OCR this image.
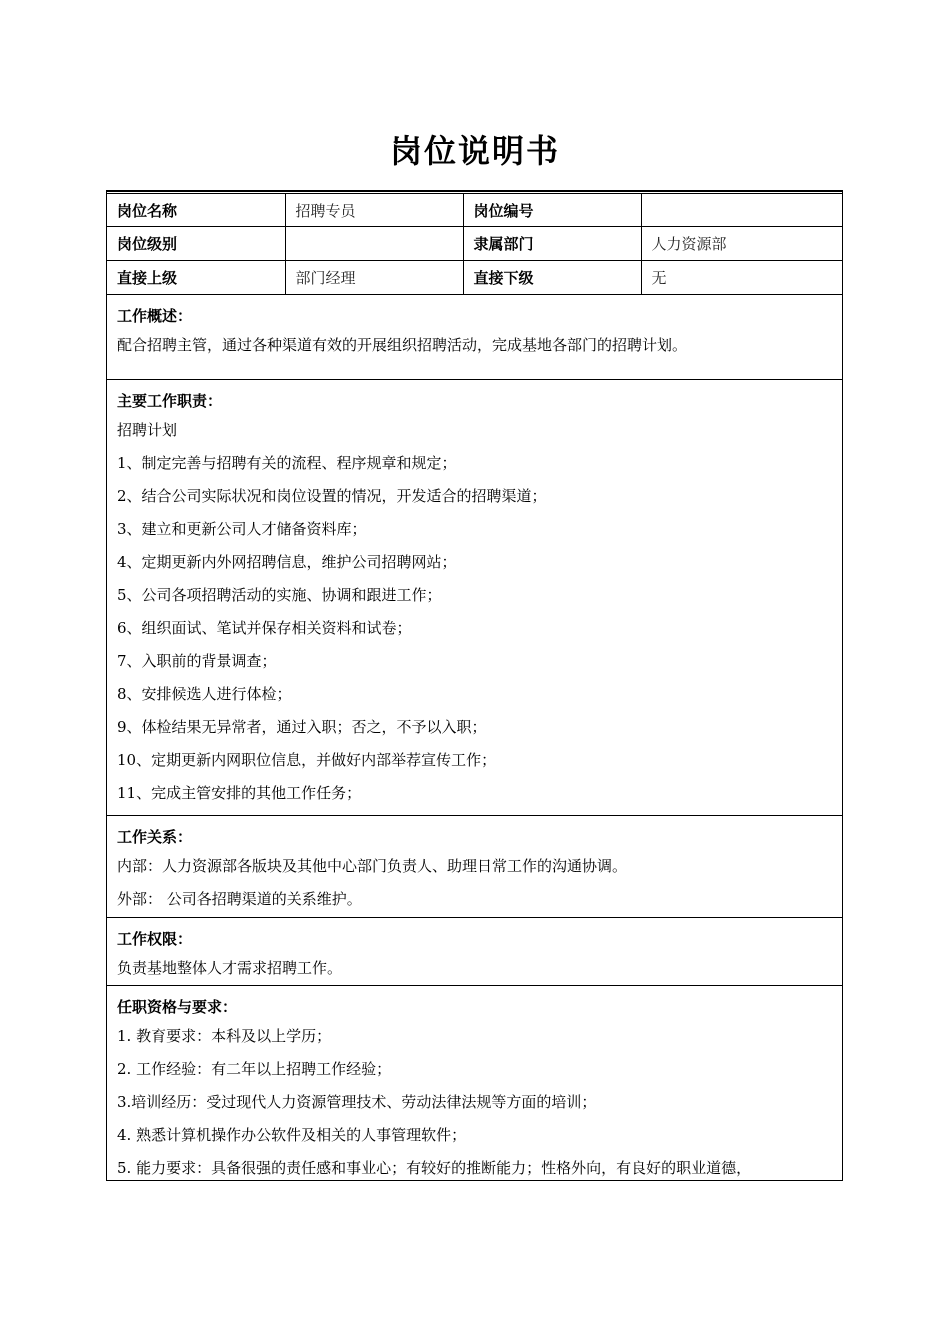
岗位说明书
岗位名称	招聘专员	岗位编号	
岗位级别		隶属部门	人力资源部
直接上级	部门经理	直接下级	无
工作概述：
配合招聘主管，通过各种渠道有效的开展组织招聘活动，完成基地各部门的招聘计划。
主要工作职责：
招聘计划
1、制定完善与招聘有关的流程、程序规章和规定；
2、结合公司实际状况和岗位设置的情况，开发适合的招聘渠道；
3、建立和更新公司人才储备资料库；
4、定期更新内外网招聘信息，维护公司招聘网站；
5、公司各项招聘活动的实施、协调和跟进工作；
6、组织面试、笔试并保存相关资料和试卷；
7、入职前的背景调查；
8、安排候选人进行体检；
9、体检结果无异常者，通过入职；否之，不予以入职；
10、定期更新内网职位信息，并做好内部举荐宣传工作；
11、完成主管安排的其他工作任务；
工作关系：
内部：人力资源部各版块及其他中心部门负责人、助理日常工作的沟通协调。
外部： 公司各招聘渠道的关系维护。
工作权限：
负责基地整体人才需求招聘工作。
任职资格与要求：
1. 教育要求：本科及以上学历；
2. 工作经验：有二年以上招聘工作经验；
3.培训经历：受过现代人力资源管理技术、劳动法律法规等方面的培训；
4. 熟悉计算机操作办公软件及相关的人事管理软件；
5. 能力要求：具备很强的责任感和事业心；有较好的推断能力；性格外向，有良好的职业道德，
